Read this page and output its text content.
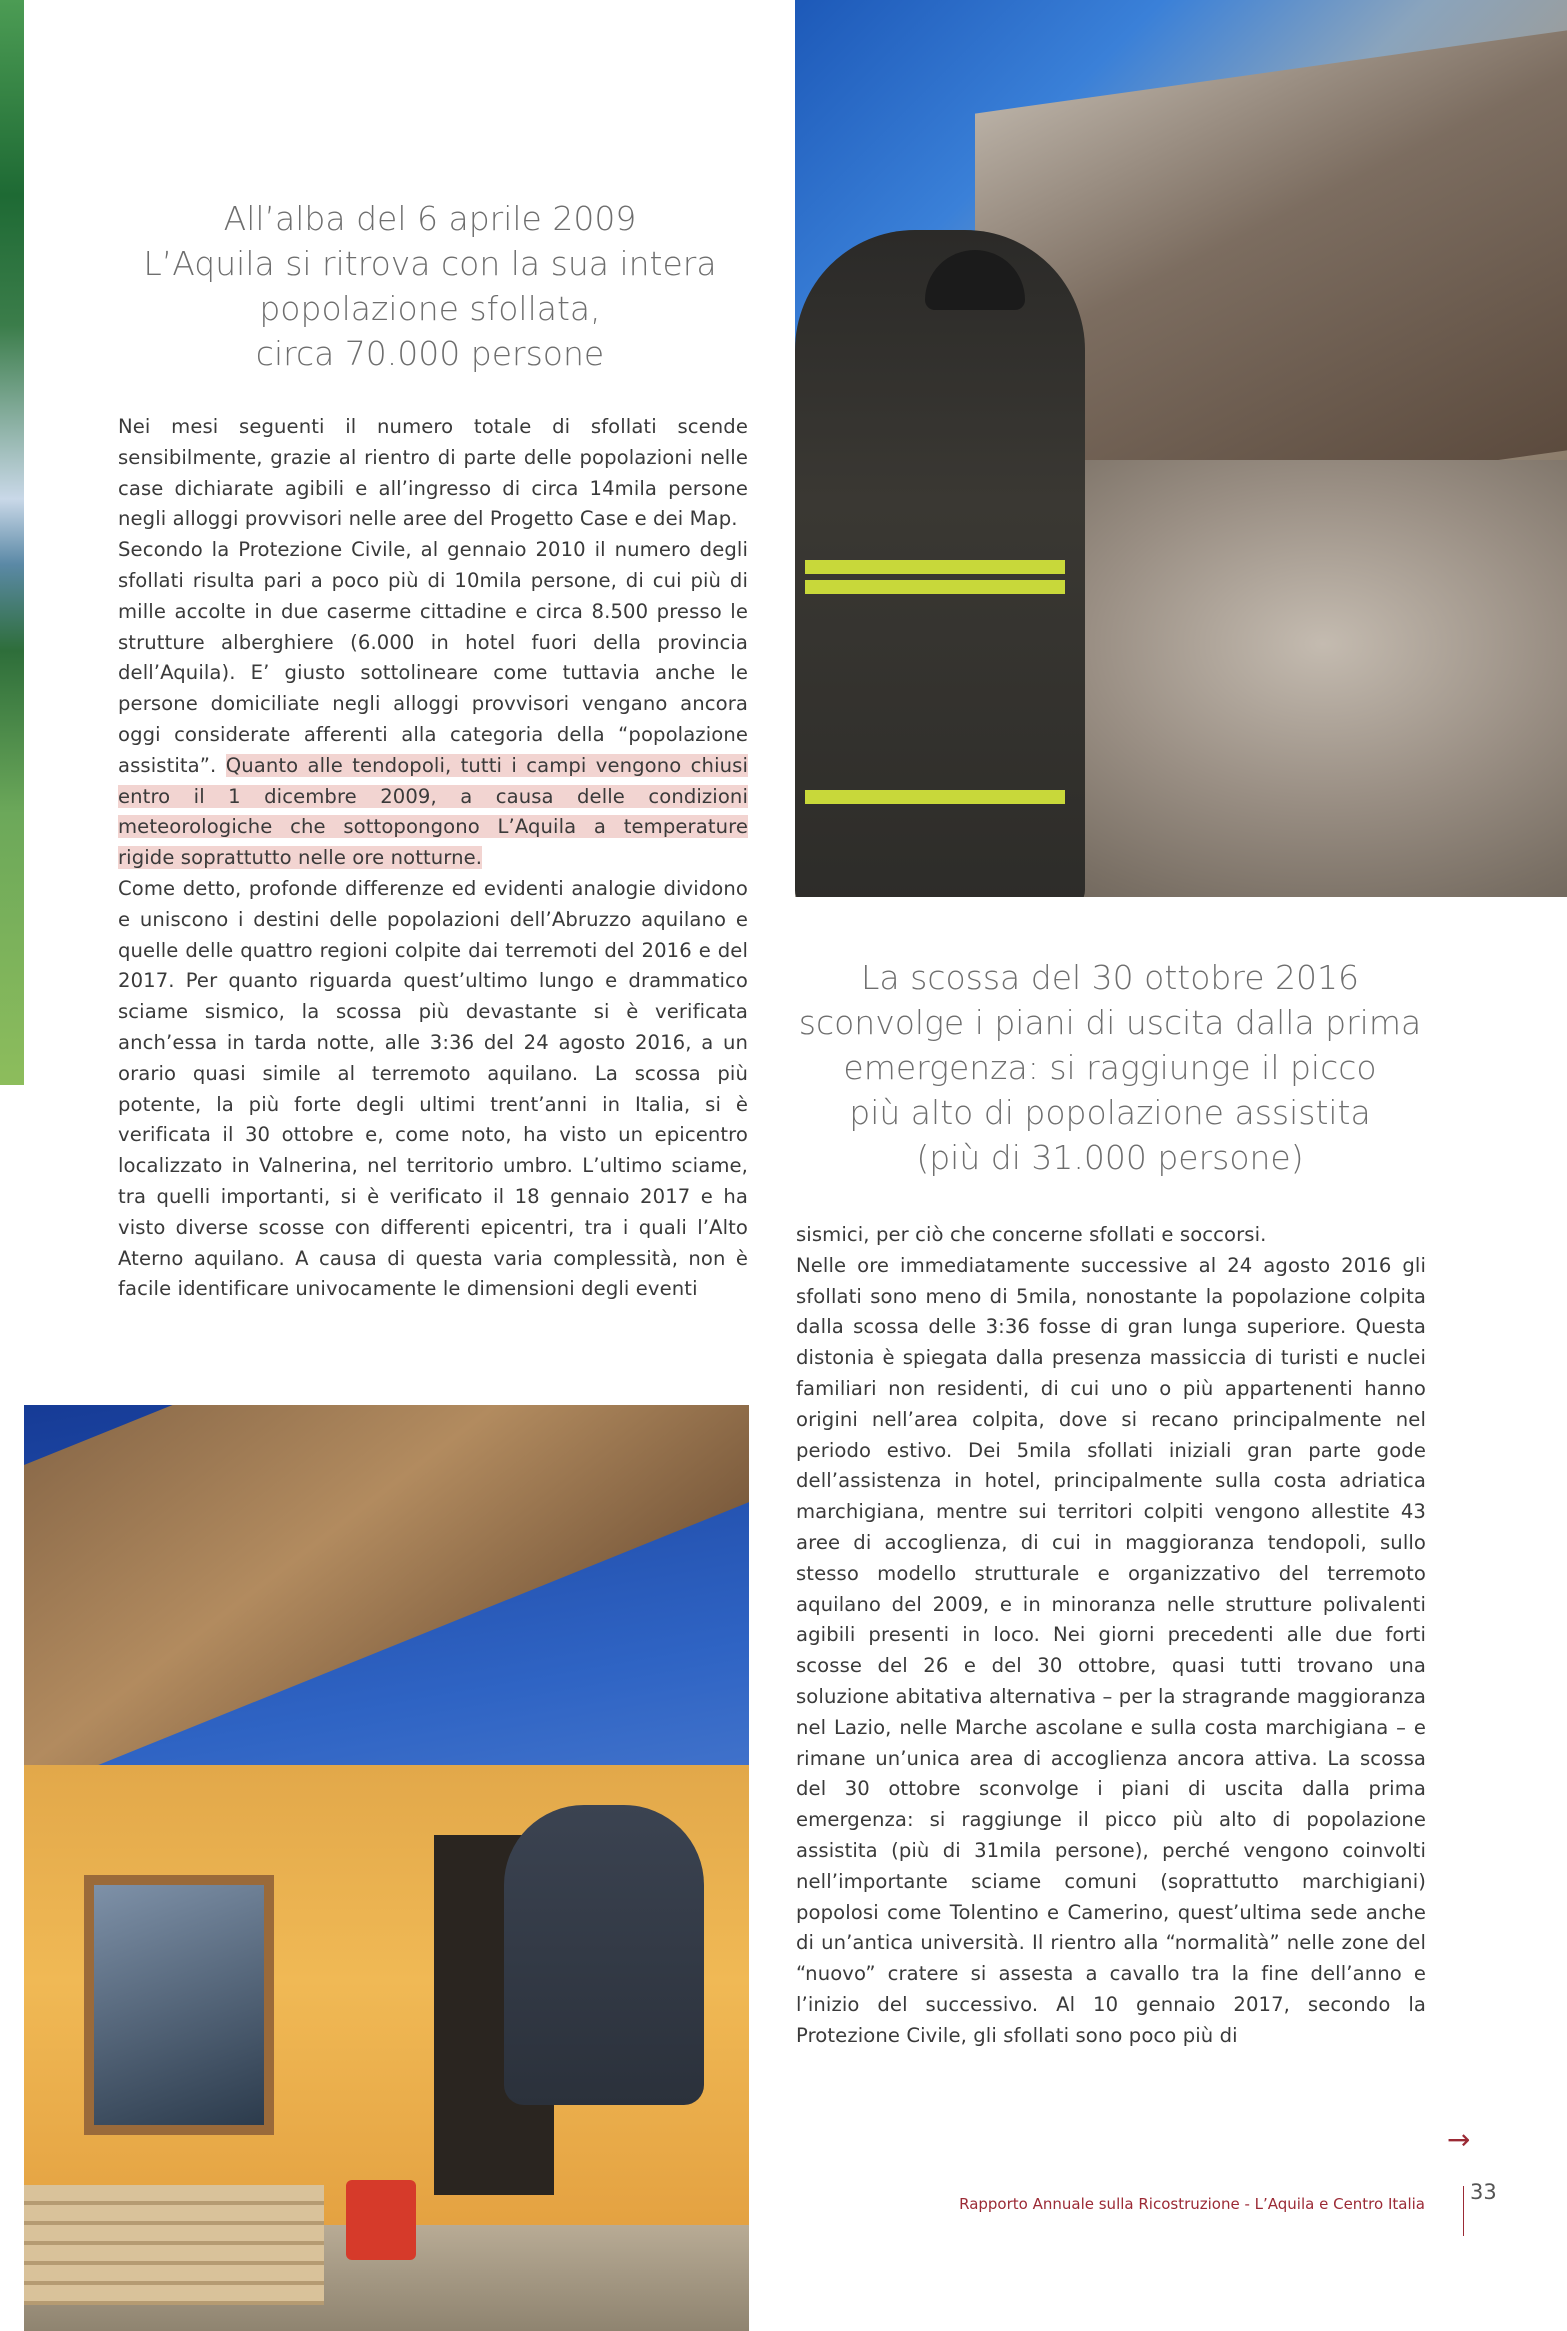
All’alba del 6 aprile 2009
L’Aquila si ritrova con la sua intera
popolazione sfollata,
circa 70.000 persone

Nei mesi seguenti il numero totale di sfollati scende sensibilmente, grazie al rientro di parte delle popolazioni nelle case dichiarate agibili e all’ingresso di circa 14mila persone negli alloggi provvisori nelle aree del Progetto Case e dei Map.

Secondo la Protezione Civile, al gennaio 2010 il numero degli sfollati risulta pari a poco più di 10mila persone, di cui più di mille accolte in due caserme cittadine e circa 8.500 presso le strutture alberghiere (6.000 in hotel fuori della provincia dell’Aquila). E’ giusto sottolineare come tuttavia anche le persone domiciliate negli alloggi provvisori vengano ancora oggi considerate afferenti alla categoria della “popolazione assistita”. Quanto alle tendopoli, tutti i campi vengono chiusi entro il 1 dicembre 2009, a causa delle condizioni meteorologiche che sottopongono L’Aquila a temperature rigide soprattutto nelle ore notturne.

Come detto, profonde differenze ed evidenti analogie dividono e uniscono i destini delle popolazioni dell’Abruzzo aquilano e quelle delle quattro regioni colpite dai terremoti del 2016 e del 2017. Per quanto riguarda quest’ultimo lungo e drammatico sciame sismico, la scossa più devastante si è verificata anch’essa in tarda notte, alle 3:36 del 24 agosto 2016, a un orario quasi simile al terremoto aquilano. La scossa più potente, la più forte degli ultimi trent’anni in Italia, si è verificata il 30 ottobre e, come noto, ha visto un epicentro localizzato in Valnerina, nel territorio umbro. L’ultimo sciame, tra quelli importanti, si è verificato il 18 gennaio 2017 e ha visto diverse scosse con differenti epicentri, tra i quali l’Alto Aterno aquilano. A causa di questa varia complessità, non è facile identificare univocamente le dimensioni degli eventi

La scossa del 30 ottobre 2016
sconvolge i piani di uscita dalla prima
emergenza: si raggiunge il picco
più alto di popolazione assistita
(più di 31.000 persone)

sismici, per ciò che concerne sfollati e soccorsi.

Nelle ore immediatamente successive al 24 agosto 2016 gli sfollati sono meno di 5mila, nonostante la popolazione colpita dalla scossa delle 3:36 fosse di gran lunga superiore. Questa distonia è spiegata dalla presenza massiccia di turisti e nuclei familiari non residenti, di cui uno o più appartenenti hanno origini nell’area colpita, dove si recano principalmente nel periodo estivo. Dei 5mila sfollati iniziali gran parte gode dell’assistenza in hotel, principalmente sulla costa adriatica marchigiana, mentre sui territori colpiti vengono allestite 43 aree di accoglienza, di cui in maggioranza tendopoli, sullo stesso modello strutturale e organizzativo del terremoto aquilano del 2009, e in minoranza nelle strutture polivalenti agibili presenti in loco. Nei giorni precedenti alle due forti scosse del 26 e del 30 ottobre, quasi tutti trovano una soluzione abitativa alternativa – per la stragrande maggioranza nel Lazio, nelle Marche ascolane e sulla costa marchigiana – e rimane un’unica area di accoglienza ancora attiva. La scossa del 30 ottobre sconvolge i piani di uscita dalla prima emergenza: si raggiunge il picco più alto di popolazione assistita (più di 31mila persone), perché vengono coinvolti nell’importante sciame comuni (soprattutto marchigiani) popolosi come Tolentino e Camerino, quest’ultima sede anche di un’antica università. Il rientro alla “normalità” nelle zone del “nuovo” cratere si assesta a cavallo tra la fine dell’anno e l’inizio del successivo. Al 10 gennaio 2017, secondo la Protezione Civile, gli sfollati sono poco più di

→
Rapporto Annuale sulla Ricostruzione - L’Aquila e Centro Italia 33
